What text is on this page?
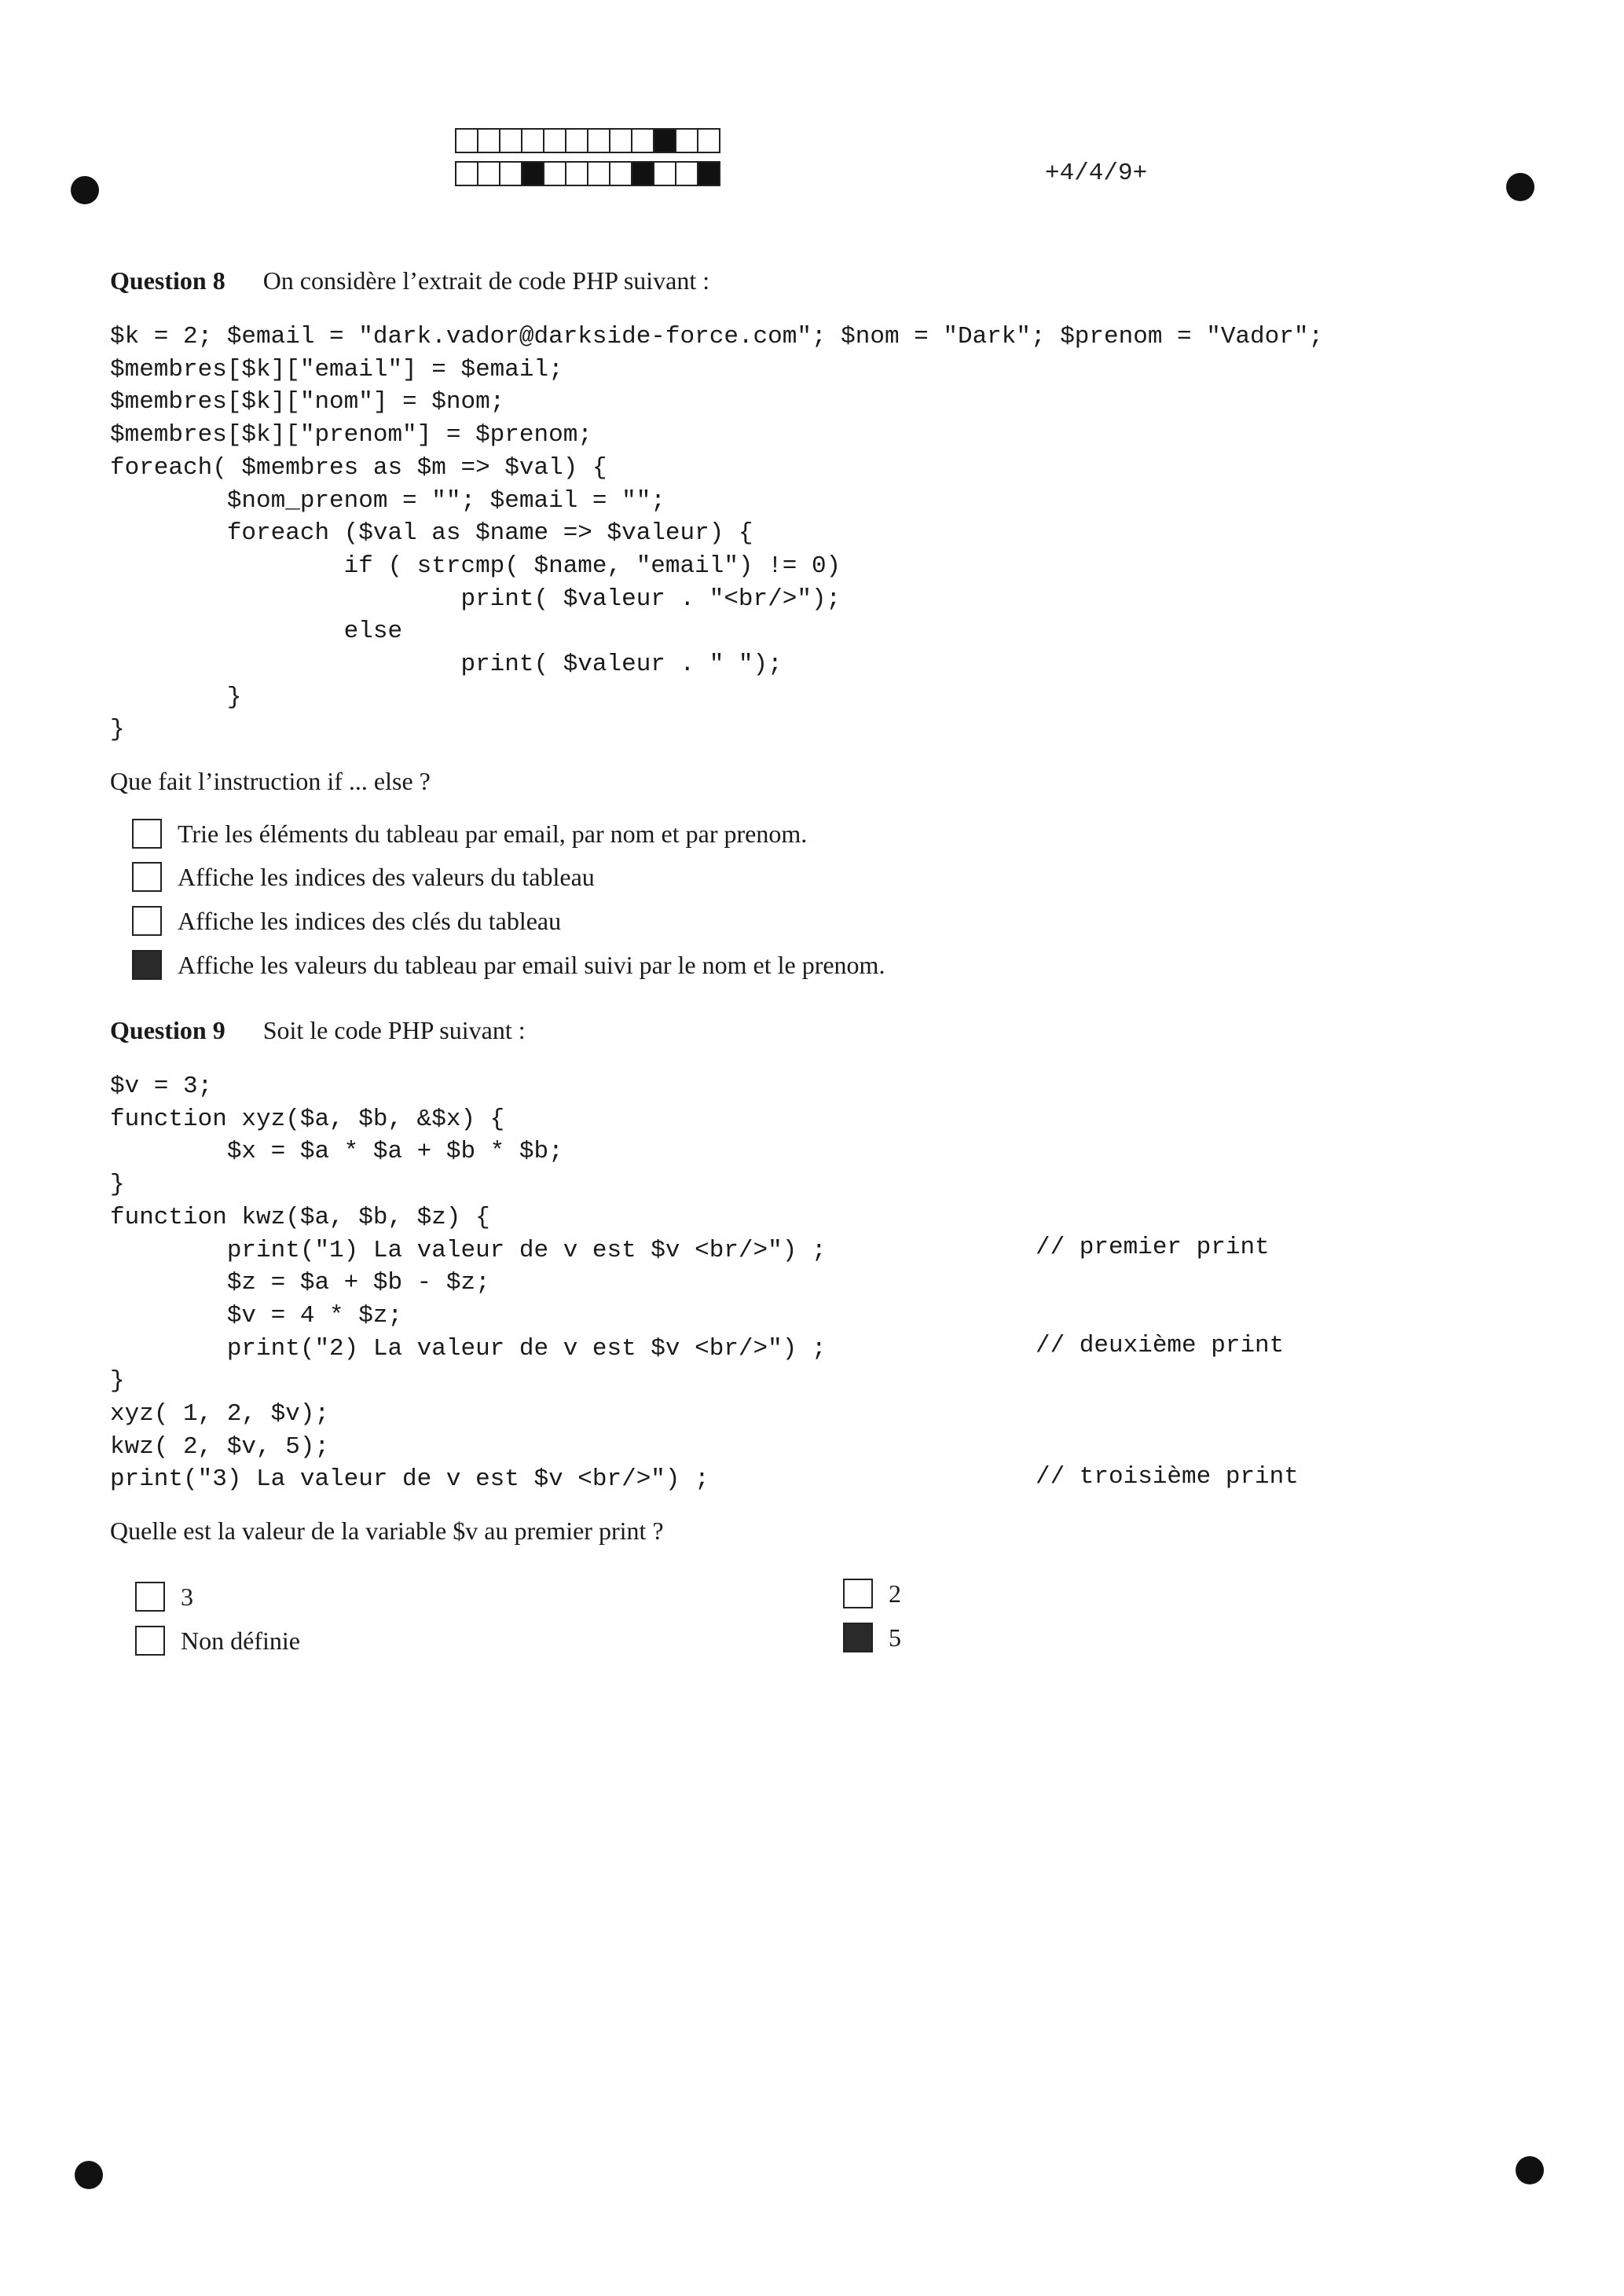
+4/4/9+
Question 8 On considère l’extrait de code PHP suivant :
$k = 2; $email = "dark.vador@darkside-force.com"; $nom = "Dark"; $prenom = "Vador";
$membres[$k]["email"] = $email;
$membres[$k]["nom"] = $nom;
$membres[$k]["prenom"] = $prenom;
foreach( $membres as $m => $val) {
$nom_prenom = ""; $email = "";
foreach ($val as $name => $valeur) {
if ( strcmp( $name, "email") != 0)
print( $valeur . "<br/>");
else
print( $valeur . " ");
}
}
Que fait l’instruction if ... else ?
Trie les éléments du tableau par email, par nom et par prenom.
Affiche les indices des valeurs du tableau
Affiche les indices des clés du tableau
Affiche les valeurs du tableau par email suivi par le nom et le prenom.
Question 9 Soit le code PHP suivant :
$v = 3;
function xyz($a, $b, &$x) {
$x = $a * $a + $b * $b;
}
function kwz($a, $b, $z) {
print("1) La valeur de v est $v <br/>") ;
$z = $a + $b - $z;
$v = 4 * $z;
print("2) La valeur de v est $v <br/>") ;
}
xyz( 1, 2, $v);
kwz( 2, $v, 5);
print("3) La valeur de v est $v <br/>") ;
// premier print
// deuxième print
// troisième print
Quelle est la valeur de la variable $v au premier print ?
3	2
Non définie	5
